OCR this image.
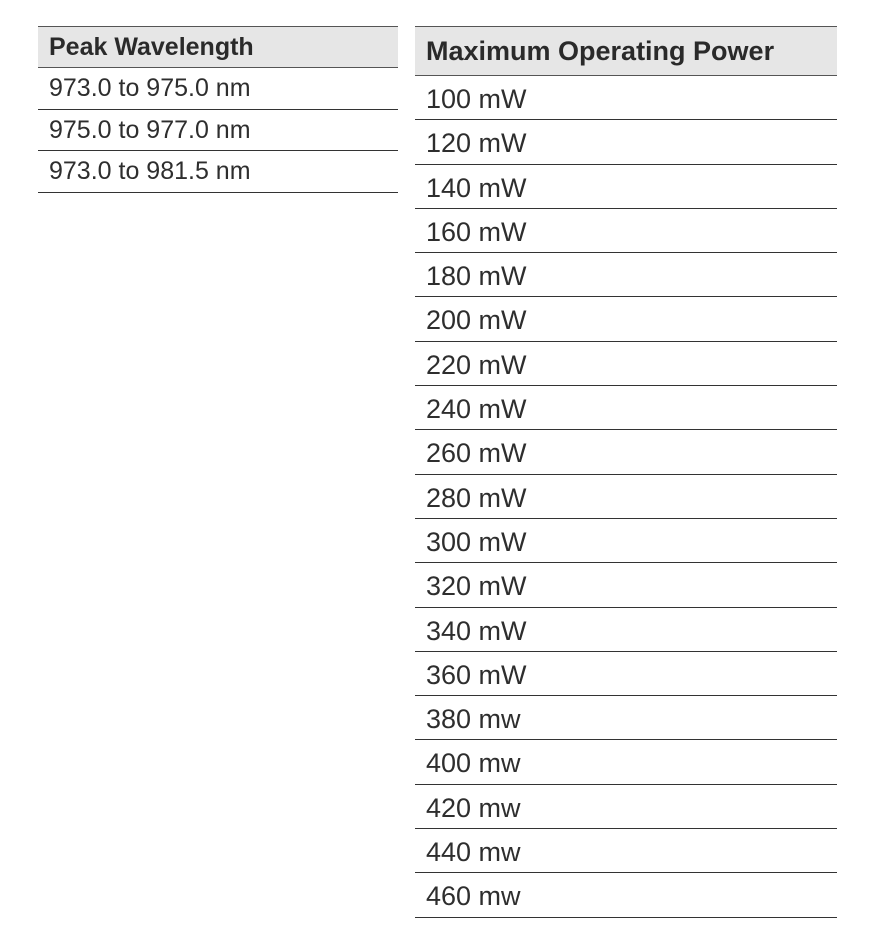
Peak Wavelength
973.0 to 975.0 nm
975.0 to 977.0 nm
973.0 to 981.5 nm
Maximum Operating Power
100 mW
120 mW
140 mW
160 mW
180 mW
200 mW
220 mW
240 mW
260 mW
280 mW
300 mW
320 mW
340 mW
360 mW
380 mw
400 mw
420 mw
440 mw
460 mw
